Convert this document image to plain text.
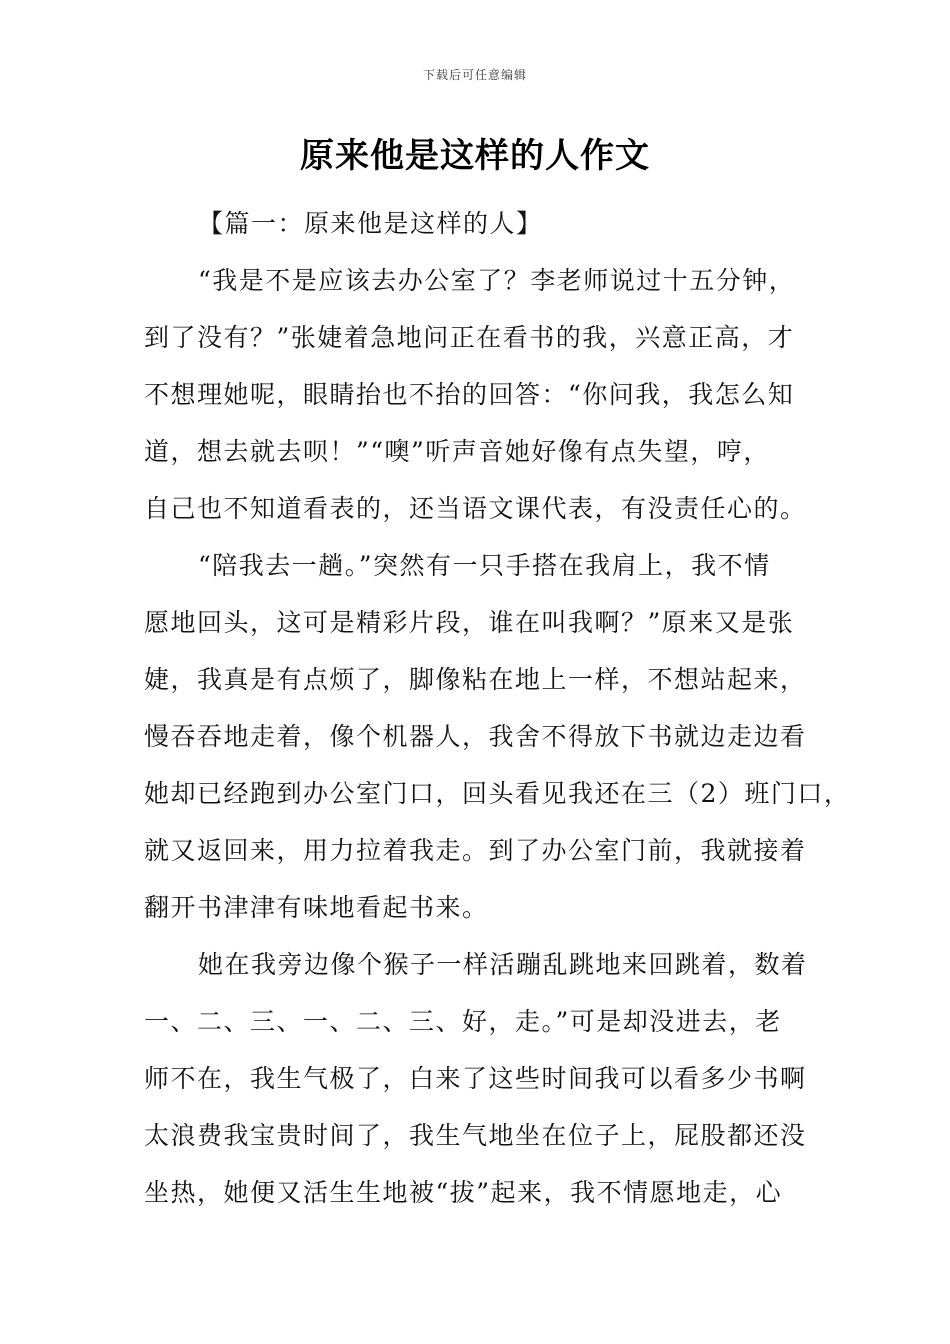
下载后可任意编辑
原来他是这样的人作文
【篇一：原来他是这样的人】
“我是不是应该去办公室了？李老师说过十五分钟，
到了没有？”张婕着急地问正在看书的我，兴意正高，才
不想理她呢，眼睛抬也不抬的回答：“你问我，我怎么知
道，想去就去呗！”“噢”听声音她好像有点失望，哼，
自己也不知道看表的，还当语文课代表，有没责任心的。
“陪我去一趟。”突然有一只手搭在我肩上，我不情
愿地回头，这可是精彩片段，谁在叫我啊？”原来又是张
婕，我真是有点烦了，脚像粘在地上一样，不想站起来，
慢吞吞地走着，像个机器人，我舍不得放下书就边走边看
她却已经跑到办公室门口，回头看见我还在三（2）班门口，
就又返回来，用力拉着我走。到了办公室门前，我就接着
翻开书津津有味地看起书来。
她在我旁边像个猴子一样活蹦乱跳地来回跳着，数着
一、二、三、一、二、三、好，走。”可是却没进去，老
师不在，我生气极了，白来了这些时间我可以看多少书啊
太浪费我宝贵时间了，我生气地坐在位子上，屁股都还没
坐热，她便又活生生地被“拔”起来，我不情愿地走，心
